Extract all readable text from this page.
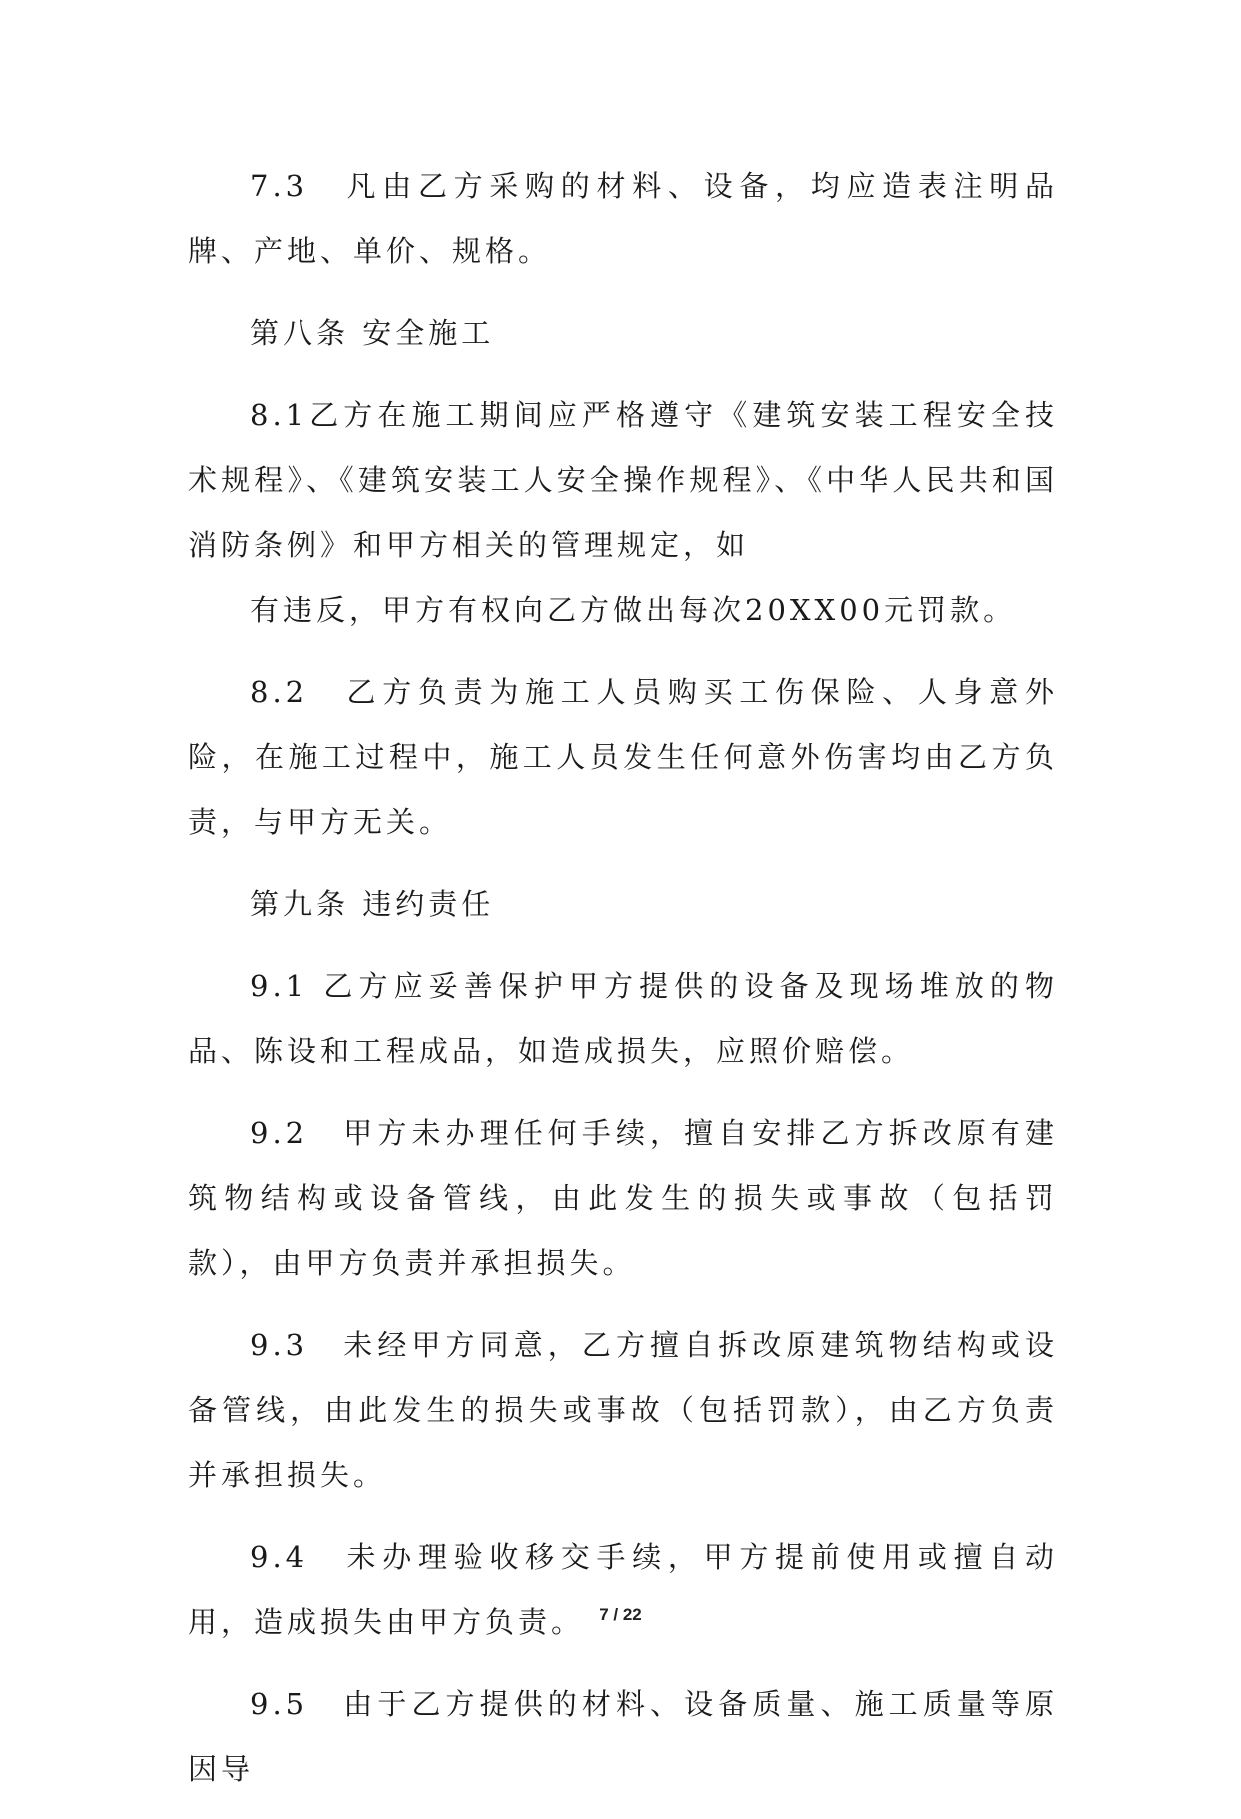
7.3　凡由乙方采购的材料、设备，均应造表注明品牌、产地、单价、规格。

第八条 安全施工

8.1乙方在施工期间应严格遵守《建筑安装工程安全技术规程》、《建筑安装工人安全操作规程》、《中华人民共和国消防条例》和甲方相关的管理规定，如

有违反，甲方有权向乙方做出每次20XX00元罚款。

8.2　乙方负责为施工人员购买工伤保险、人身意外险，在施工过程中，施工人员发生任何意外伤害均由乙方负责，与甲方无关。

第九条 违约责任

9.1 乙方应妥善保护甲方提供的设备及现场堆放的物品、陈设和工程成品，如造成损失，应照价赔偿。

9.2　甲方未办理任何手续，擅自安排乙方拆改原有建筑物结构或设备管线，由此发生的损失或事故（包括罚款），由甲方负责并承担损失。

9.3　未经甲方同意，乙方擅自拆改原建筑物结构或设备管线，由此发生的损失或事故（包括罚款），由乙方负责并承担损失。

9.4　未办理验收移交手续，甲方提前使用或擅自动用，造成损失由甲方负责。

9.5　由于乙方提供的材料、设备质量、施工质量等原因导

7 / 22
